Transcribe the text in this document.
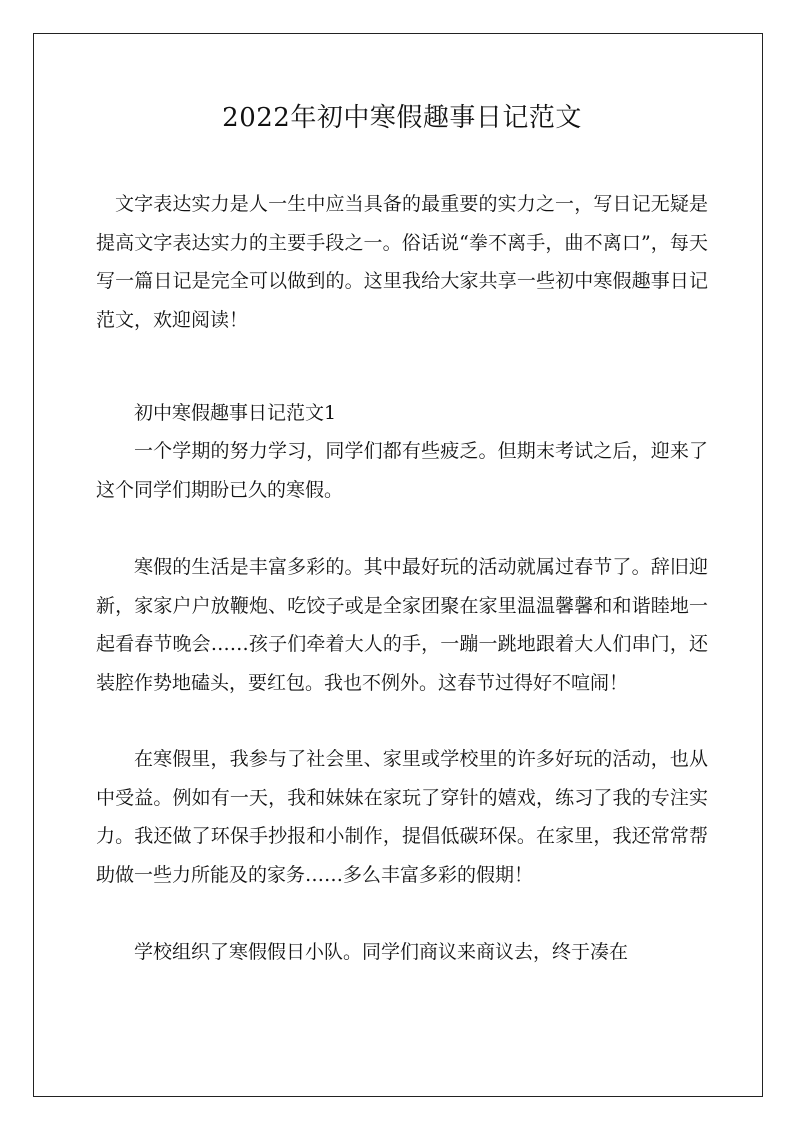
2022年初中寒假趣事日记范文

文字表达实力是人一生中应当具备的最重要的实力之一，写日记无疑是提高文字表达实力的主要手段之一。俗话说“拳不离手，曲不离口”，每天写一篇日记是完全可以做到的。这里我给大家共享一些初中寒假趣事日记范文，欢迎阅读！

初中寒假趣事日记范文1

一个学期的努力学习，同学们都有些疲乏。但期末考试之后，迎来了这个同学们期盼已久的寒假。

寒假的生活是丰富多彩的。其中最好玩的活动就属过春节了。辞旧迎新，家家户户放鞭炮、吃饺子或是全家团聚在家里温温馨馨和和谐睦地一起看春节晚会……孩子们牵着大人的手，一蹦一跳地跟着大人们串门，还装腔作势地磕头，要红包。我也不例外。这春节过得好不喧闹！

在寒假里，我参与了社会里、家里或学校里的许多好玩的活动，也从中受益。例如有一天，我和妹妹在家玩了穿针的嬉戏，练习了我的专注实力。我还做了环保手抄报和小制作，提倡低碳环保。在家里，我还常常帮助做一些力所能及的家务……多么丰富多彩的假期！

学校组织了寒假假日小队。同学们商议来商议去，终于凑在
